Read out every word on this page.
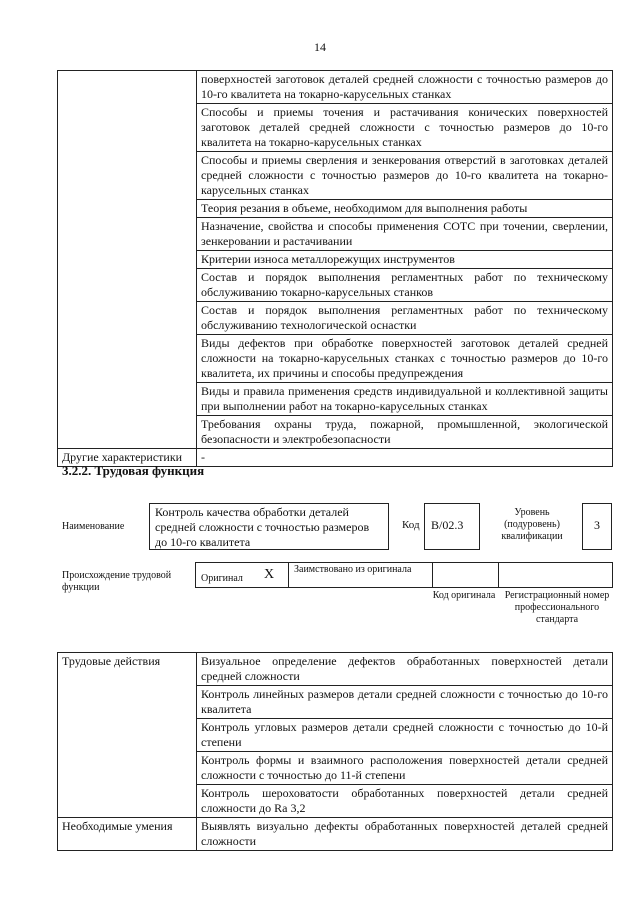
14
	поверхностей заготовок деталей средней сложности с точностью размеров до 10-го квалитета на токарно-карусельных станках
	Способы и приемы точения и растачивания конических поверхностей заготовок деталей средней сложности с точностью размеров до 10-го квалитета на токарно-карусельных станках
	Способы и приемы сверления и зенкерования отверстий в заготовках деталей средней сложности с точностью размеров до 10-го квалитета на токарно-карусельных станках
	Теория резания в объеме, необходимом для выполнения работы
	Назначение, свойства и способы применения СОТС при точении, сверлении, зенкеровании и растачивании
	Критерии износа металлорежущих инструментов
	Состав и порядок выполнения регламентных работ по техническому обслуживанию токарно-карусельных станков
	Состав и порядок выполнения регламентных работ по техническому обслуживанию технологической оснастки
	Виды дефектов при обработке поверхностей заготовок деталей средней сложности на токарно-карусельных станках с точностью размеров до 10-го квалитета, их причины и способы предупреждения
	Виды и правила применения средств индивидуальной и коллективной защиты при выполнении работ на токарно-карусельных станках
	Требования охраны труда, пожарной, промышленной, экологической безопасности и электробезопасности
Другие характеристики	-
3.2.2. Трудовая функция
Наименование
Контроль качества обработки деталей средней сложности с точностью размеров до 10-го квалитета
Код B/02.3
Уровень (подуровень) квалификации
3
Происхождение трудовой функции
Оригинал X Заимствовано из оригинала
Код оригинала Регистрационный номер профессионального стандарта
Трудовые действия	Визуальное определение дефектов обработанных поверхностей детали средней сложности
	Контроль линейных размеров детали средней сложности с точностью до 10-го квалитета
	Контроль угловых размеров детали средней сложности с точностью до 10-й степени
	Контроль формы и взаимного расположения поверхностей детали средней сложности с точностью до 11-й степени
	Контроль шероховатости обработанных поверхностей детали средней сложности до Ra 3,2
Необходимые умения	Выявлять визуально дефекты обработанных поверхностей деталей средней сложности
